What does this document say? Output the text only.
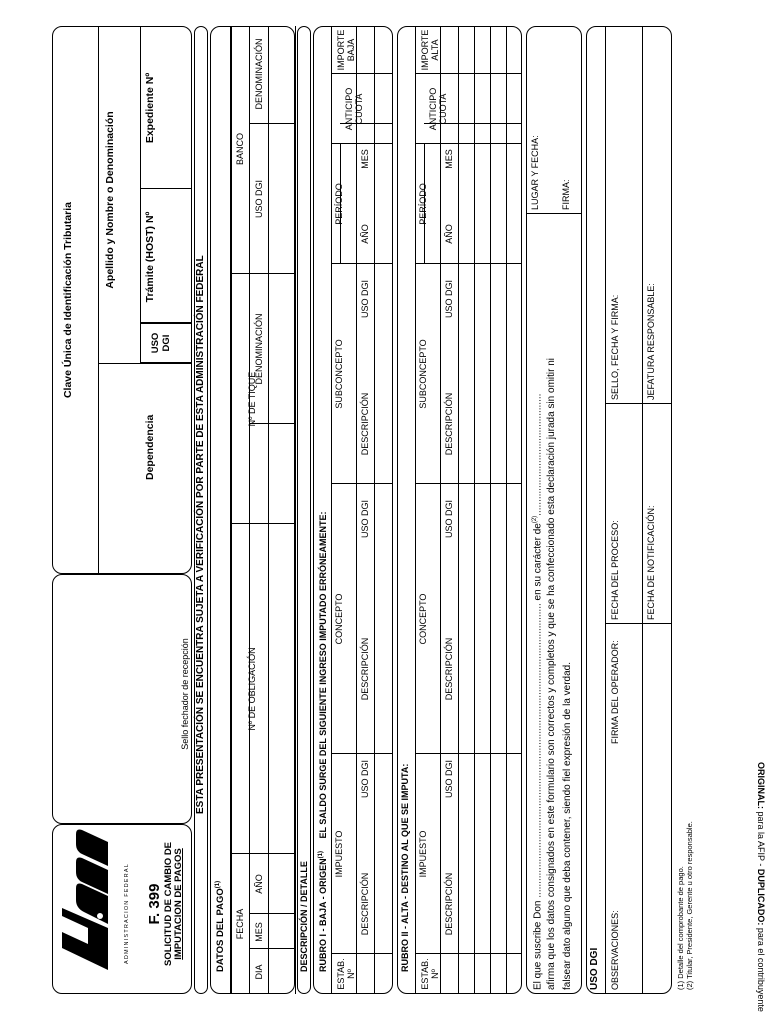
ADMINISTRACION FEDERAL F. 399 SOLICITUD DE CAMBIO DE IMPUTACION DE PAGOS
Sello fechador de recepción
Clave Única de Identificación Tributaria
Apellido y Nombre o Denominación
Dependencia
USO DGI
Trámite (HOST) Nº
Expediente Nº
ESTA PRESENTACIÓN SE ENCUENTRA SUJETA A VERIFICACIÓN POR PARTE DE ESTA ADMINISTRACIÓN FEDERAL
DATOS DEL PAGO$^{(1)}$
FECHA
DIA
MES
AÑO
Nº DE OBLIGACIÓN
Nº DE TIQUE
BANCO
DENOMINACIÓN
USO DGI
DENOMINACIÓN
DESCRIPCIÓN / DETALLE RUBRO I - BAJA - ORIGEN$^{(1)}$ EL SALDO SURGE DEL SIGUIENTE INGRESO IMPUTADO ERRÓNEAMENTE:
ESTAB. Nº
IMPUESTO
DESCRIPCIÓN
USO DGI
CONCEPTO
DESCRIPCIÓN
USO DGI
SUBCONCEPTO
DESCRIPCIÓN
USO DGI
PERÍODO
AÑO
MES
ANTICIPO CUOTA
IMPORTE BAJA
RUBRO II - ALTA - DESTINO AL QUE SE IMPUTA:
ESTAB. Nº
IMPUESTO
DESCRIPCIÓN
USO DGI
CONCEPTO
DESCRIPCIÓN
USO DGI
SUBCONCEPTO
DESCRIPCIÓN
USO DGI
PERÍODO
AÑO
MES
ANTICIPO CUOTA
IMPORTE ALTA
El que suscribe Don .......................................................................................................... en su carácter $de^{(2)}$............................................ afirma que los datos consignados en este formulario son correctos y completos y que se ha confeccionado esta declaración jurada sin omitir ni falsear dato alguno que deba contener, siendo fiel expresión de la verdad.
LUGAR Y FECHA: FIRMA:
USO DGI OBSERVACIONES:
FIRMA DEL OPERADOR:
FECHA DEL PROCESO:	FECHA DE NOTIFICACIÓN:
SELLO, FECHA Y FIRMA:	JEFATURA RESPONSABLE:
(1) Detalle del comprobante de pago. (2) Titular, Presidente, Gerente u otro responsable.
ORIGINAL: para la AFIP - DUPLICADO: para el contribuyente
